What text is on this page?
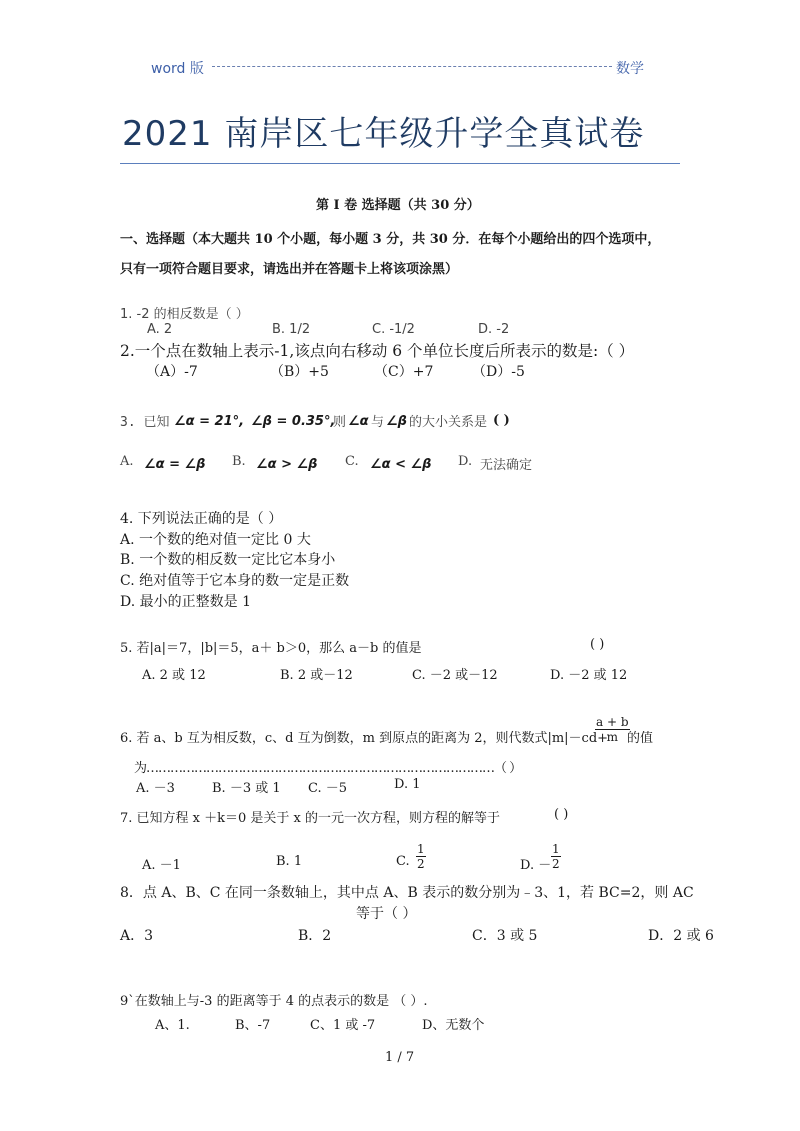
word 版	数学
2021 南岸区七年级升学全真试卷
第 I 卷 选择题（共 30 分）
一、选择题（本大题共 10 个小题，每小题 3 分，共 30 分．在每个小题给出的四个选项中，
只有一项符合题目要求，请选出并在答题卡上将该项涂黑）
1. -2 的相反数是（ ）
A. 2	B. 1/2	C. -1/2	D. -2
2.一个点在数轴上表示-1,该点向右移动 6 个单位长度后所表示的数是:（ ）
（A）-7	（B）+5	（C）+7	（D）-5
3. 已知 ∠α = 21°, ∠β = 0.35°,
则 ∠α 与 ∠β 的大小关系是 ( )
A. ∠α = ∠β B. ∠α > ∠β C. ∠α < ∠β D. 无法确定
4. 下列说法正确的是（ ）
A. 一个数的绝对值一定比 0 大
B. 一个数的相反数一定比它本身小
C. 绝对值等于它本身的数一定是正数
D. 最小的正整数是 1
5. 若|a|＝7，|b|＝5，a＋ b＞0，那么 a－b 的值是	( )
A. 2 或 12	B. 2 或－12	C. －2 或－12	D. －2 或 12
6. 若 a、b 互为相反数，c、d 互为倒数，m 到原点的距离为 2，则代数式|m|－cd+
$\frac{a + b}{m}$
的值
为……………………………………………………………………………（ ）
A. －3	B. －3 或 1 C. －5	D. 1
7. 已知方程 x ＋k＝0 是关于 x 的一元一次方程，则方程的解等于	( )
A. －1	B. 1	C. $\frac{1}{2}$	D. － $\frac{1}{2}$
8．点 A、B、C 在同一条数轴上，其中点 A、B 表示的数分别为﹣3、1，若 BC=2，则 AC
等于（ ）
A．3	B．2	C．3 或 5	D．2 或 6
9`在数轴上与-3 的距离等于 4 的点表示的数是 （ ）.
A、1.	B、-7	C、1 或 -7	D、无数个
1 / 7
